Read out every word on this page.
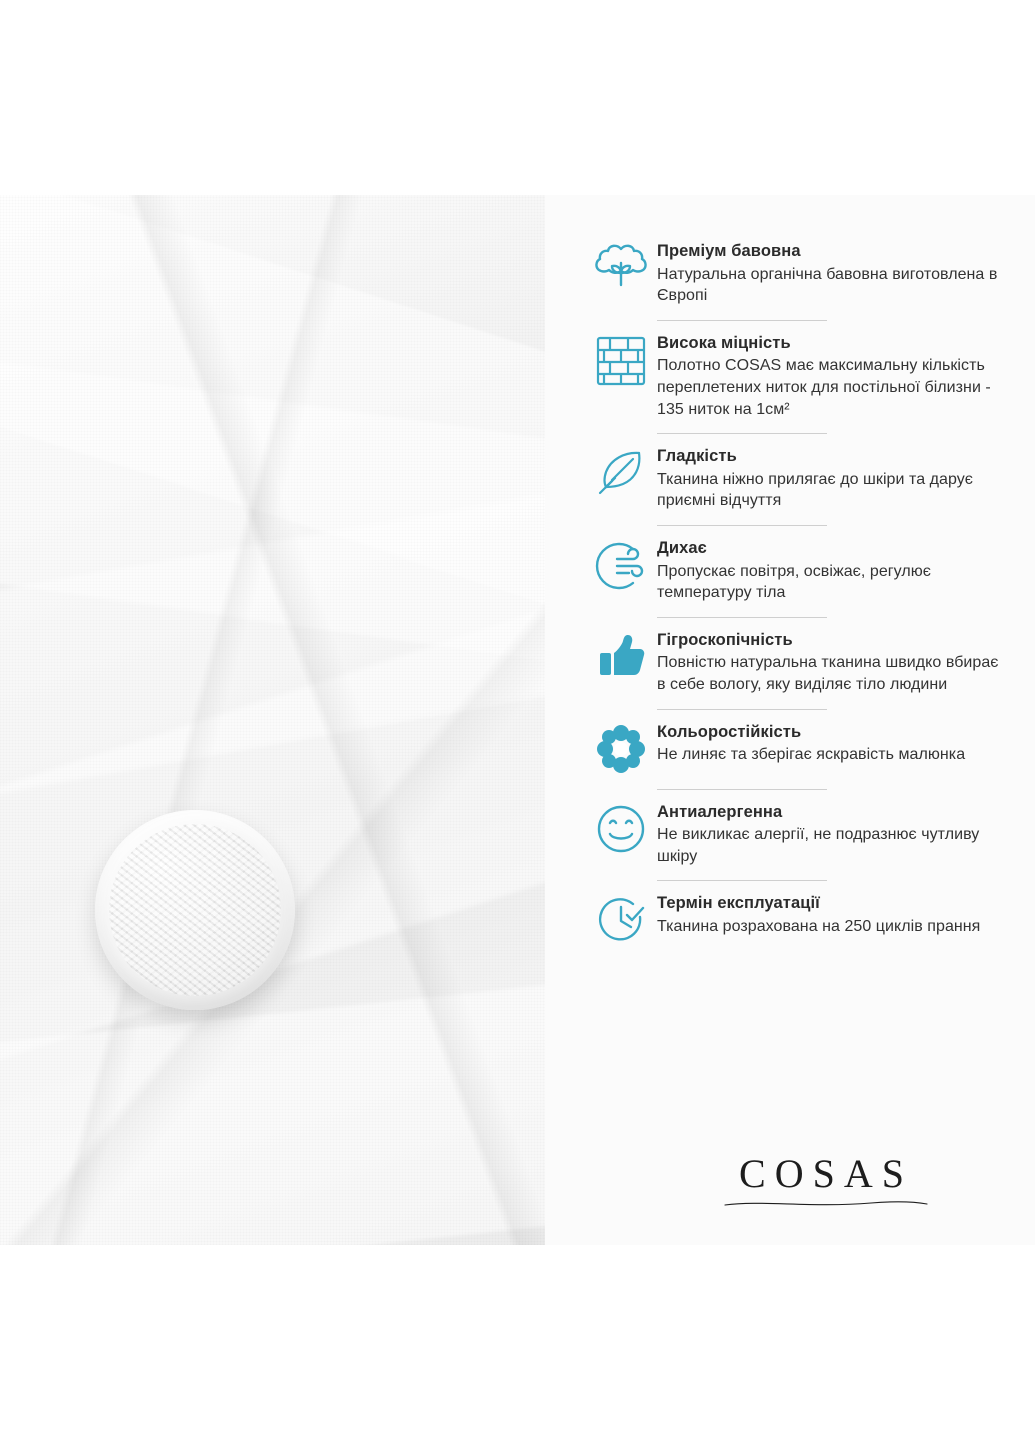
Преміум бавовна

Натуральна органічна бавовна виготовлена в Європі

Висока міцність

Полотно COSAS має максимальну кількість переплетених ниток для постільної білизни - 135 ниток на 1см²

Гладкість

Тканина ніжно прилягає до шкіри та дарує приємні відчуття

Дихає

Пропускає повітря, освіжає, регулює температуру тіла

Гігроскопічність

Повністю натуральна тканина швидко вбирає в себе вологу, яку виділяє тіло людини

Кольоростійкість

Не линяє та зберігає яскравість малюнка

Антиалергенна

Не викликає алергії, не подразнює чутливу шкіру

Термін експлуатації

Тканина розрахована на 250 циклів прання

COSAS
